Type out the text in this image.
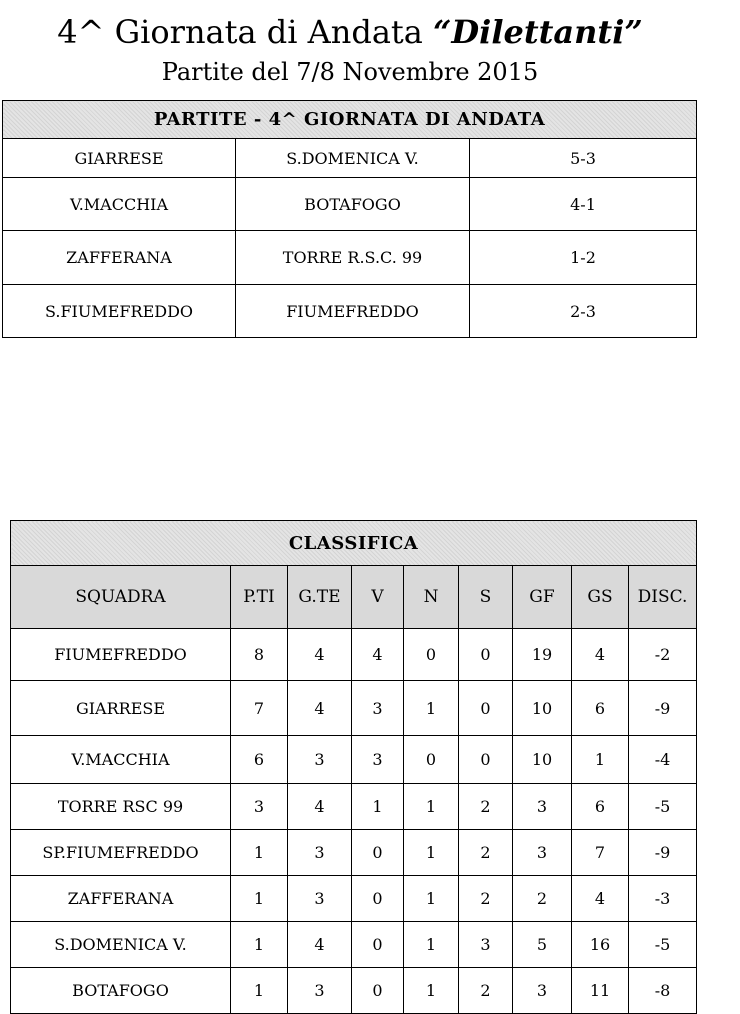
4^ Giornata di Andata “Dilettanti”
Partite del 7/8 Novembre 2015
PARTITE - 4^ GIORNATA DI ANDATA		
GIARRESE	S.DOMENICA V.	5-3
V.MACCHIA	BOTAFOGO	4-1
ZAFFERANA	TORRE R.S.C. 99	1-2
S.FIUMEFREDDO	FIUMEFREDDO	2-3
CLASSIFICA								
SQUADRA	P.TI	G.TE	V	N	S	GF	GS	DISC.
FIUMEFREDDO	8	4	4	0	0	19	4	-2
GIARRESE	7	4	3	1	0	10	6	-9
V.MACCHIA	6	3	3	0	0	10	1	-4
TORRE RSC 99	3	4	1	1	2	3	6	-5
SP.FIUMEFREDDO	1	3	0	1	2	3	7	-9
ZAFFERANA	1	3	0	1	2	2	4	-3
S.DOMENICA V.	1	4	0	1	3	5	16	-5
BOTAFOGO	1	3	0	1	2	3	11	-8
